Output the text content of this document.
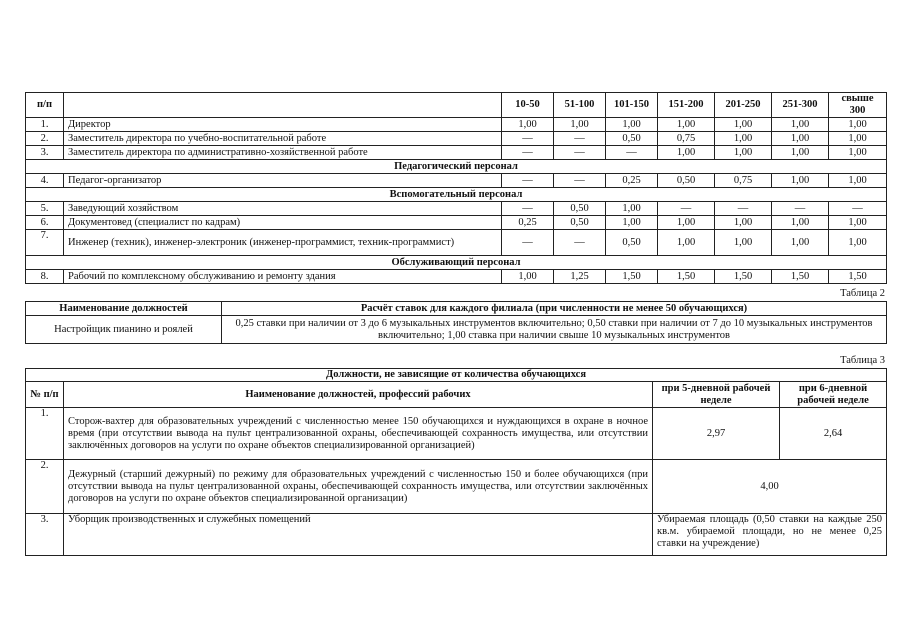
п/п		10-50	51-100	101-150	151-200	201-250	251-300	свыше 300
1.	Директор	1,00	1,00	1,00	1,00	1,00	1,00	1,00
2.	Заместитель директора по учебно-воспитательной работе	—	—	0,50	0,75	1,00	1,00	1,00
3.	Заместитель директора по административно-хозяйственной работе	—	—	—	1,00	1,00	1,00	1,00
Педагогический персонал								
4.	Педагог-организатор	—	—	0,25	0,50	0,75	1,00	1,00
Вспомогательный персонал								
5.	Заведующий хозяйством	—	0,50	1,00	—	—	—	—
6.	Документовед (специалист по кадрам)	0,25	0,50	1,00	1,00	1,00	1,00	1,00
7.	Инженер (техник), инженер-электроник (инженер-программист, техник-программист)	—	—	0,50	1,00	1,00	1,00	1,00
Обслуживающий персонал								
8.	Рабочий по комплексному обслуживанию и ремонту здания	1,00	1,25	1,50	1,50	1,50	1,50	1,50
Таблица 2
Наименование должностей	Расчёт ставок для каждого филиала (при численности не менее 50 обучающихся)
Настройщик пианино и роялей	0,25 ставки при наличии от 3 до 6 музыкальных инструментов включительно; 0,50 ставки при наличии от 7 до 10 музыкальных инструментов включительно; 1,00 ставка при наличии свыше 10 музыкальных инструментов
Таблица 3
Должности, не зависящие от количества обучающихся			
№ п/п	Наименование должностей, профессий рабочих	при 5-дневной рабочей неделе	при 6-дневной рабочей неделе
1.	Сторож-вахтер для образовательных учреждений с численностью менее 150 обучающихся и нуждающихся в охране в ночное время (при отсутствии вывода на пульт централизованной охраны, обеспечивающей сохранность имущества, или отсутствии заключённых договоров на услуги по охране объектов специализированной организацией)	2,97	2,64
2.	Дежурный (старший дежурный) по режиму для образовательных учреждений с численностью 150 и более обучающихся (при отсутствии вывода на пульт централизованной охраны, обеспечивающей сохранность имущества, или отсутствии заключённых договоров на услуги по охране объектов специализированной организации)	4,00	
3.	Уборщик производственных и служебных помещений	Убираемая площадь (0,50 ставки на каждые 250 кв.м. убираемой площади, но не менее 0,25 ставки на учреждение)	
